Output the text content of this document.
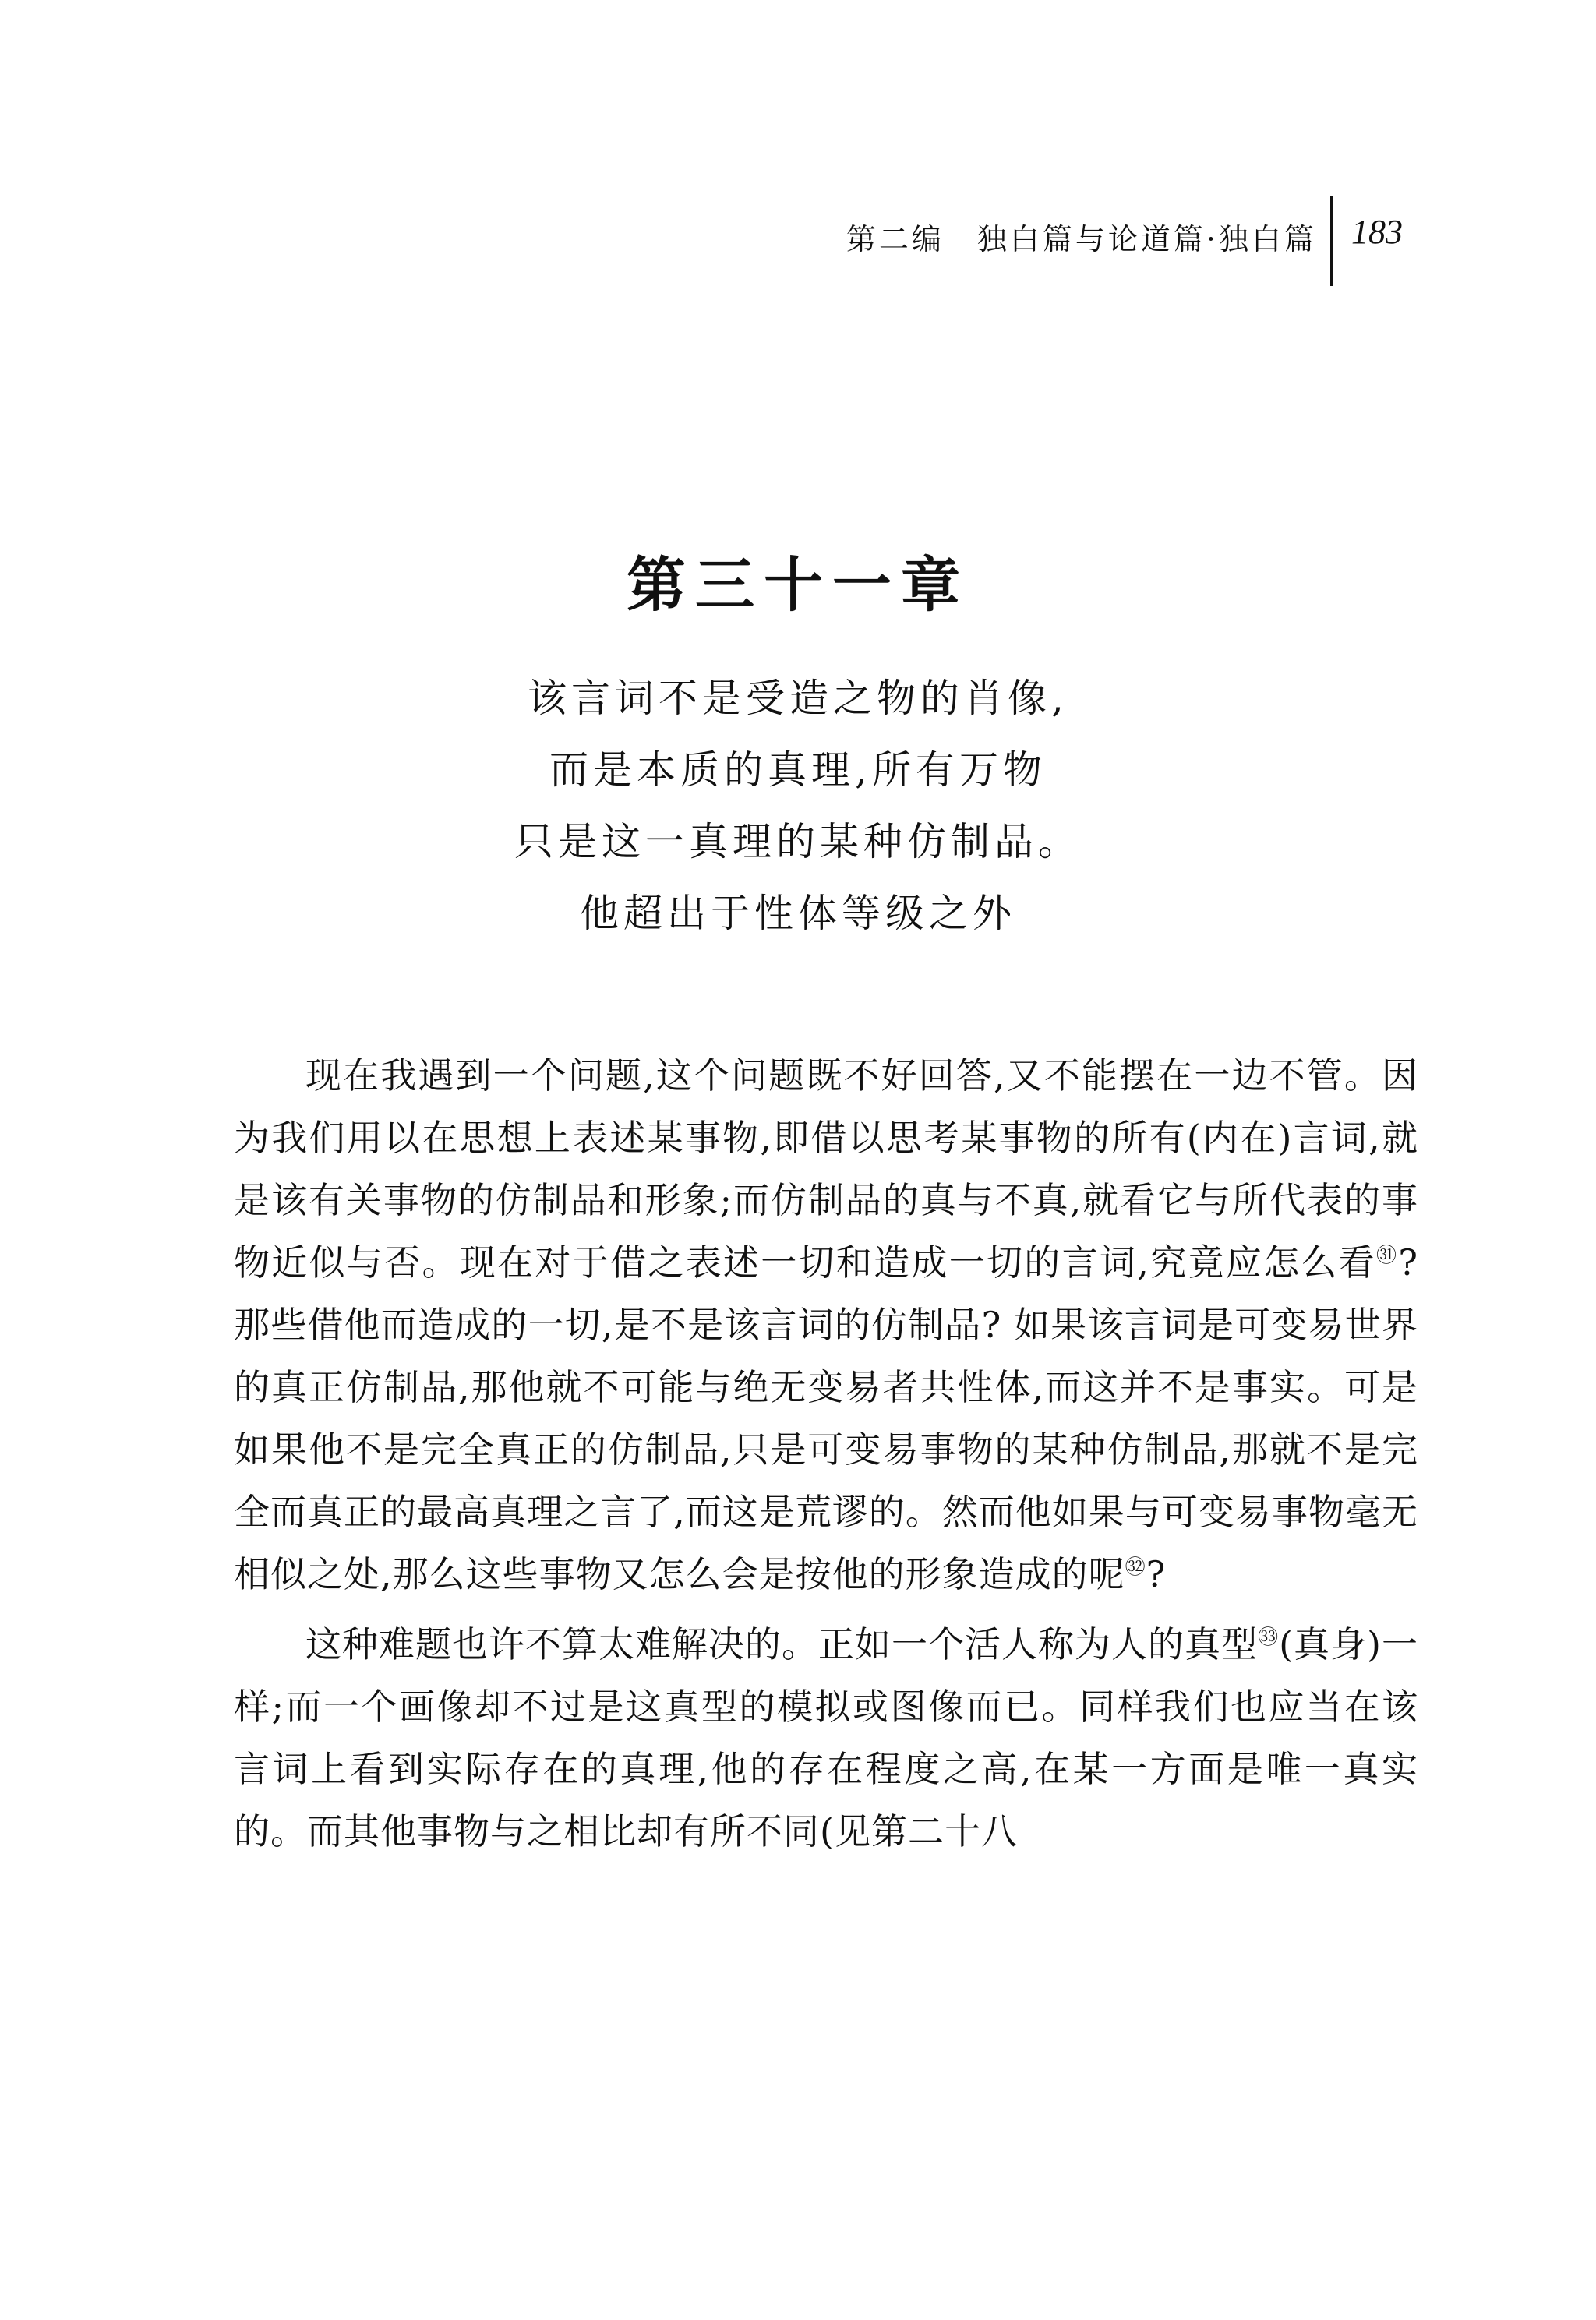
第二编　独白篇与论道篇·独白篇 183
第三十一章
该言词不是受造之物的肖像,
而是本质的真理,所有万物
只是这一真理的某种仿制品。
他超出于性体等级之外

现在我遇到一个问题,这个问题既不好回答,又不能摆在一边不管。因为我们用以在思想上表述某事物,即借以思考某事物的所有(内在)言词,就是该有关事物的仿制品和形象;而仿制品的真与不真,就看它与所代表的事物近似与否。现在对于借之表述一切和造成一切的言词,究竟应怎么看$^㉛$? 那些借他而造成的一切,是不是该言词的仿制品? 如果该言词是可变易世界的真正仿制品,那他就不可能与绝无变易者共性体,而这并不是事实。可是如果他不是完全真正的仿制品,只是可变易事物的某种仿制品,那就不是完全而真正的最高真理之言了,而这是荒谬的。然而他如果与可变易事物毫无相似之处,那么这些事物又怎么会是按他的形象造成的呢$^㉜$?

这种难题也许不算太难解决的。正如一个活人称为人的真型$^㉝$(真身)一样;而一个画像却不过是这真型的模拟或图像而已。同样我们也应当在该言词上看到实际存在的真理,他的存在程度之高,在某一方面是唯一真实的。而其他事物与之相比却有所不同(见第二十八
